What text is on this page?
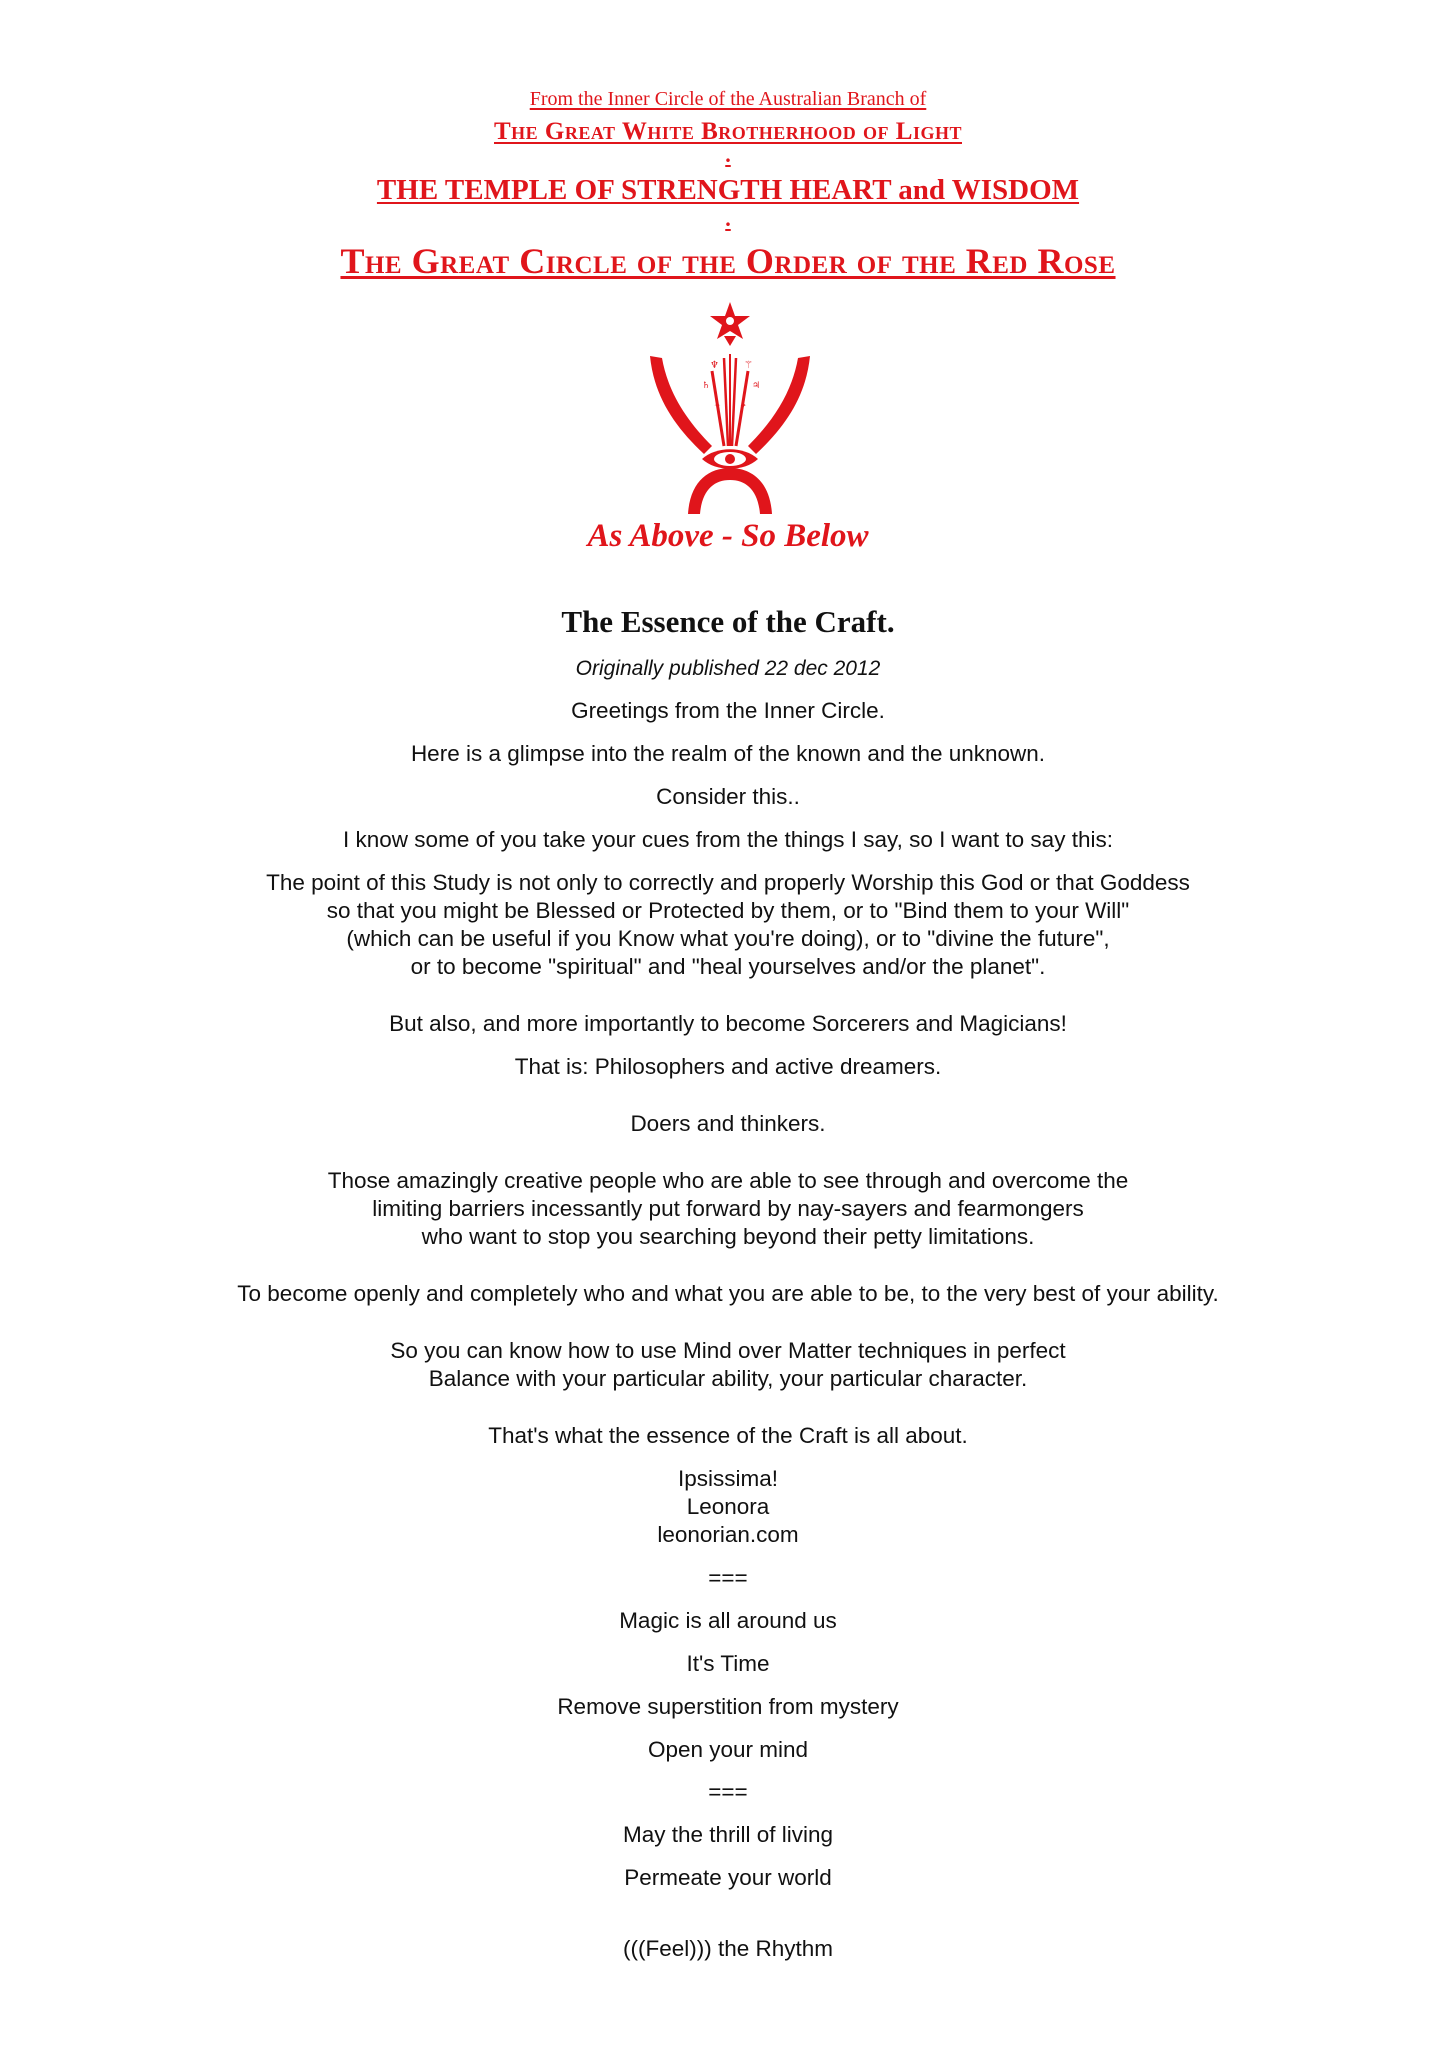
From the Inner Circle of the Australian Branch of
The Great White Brotherhood of Light
.
THE TEMPLE OF STRENGTH HEART and WISDOM
.
The Great Circle of the Order of the Red Rose
♆	⚚
♄	♃
✦ ✦
As Above - So Below
The Essence of the Craft.
Originally published 22 dec 2012
Greetings from the Inner Circle.
Here is a glimpse into the realm of the known and the unknown.
Consider this..
I know some of you take your cues from the things I say, so I want to say this:
The point of this Study is not only to correctly and properly Worship this God or that Goddess
so that you might be Blessed or Protected by them, or to "Bind them to your Will"
(which can be useful if you Know what you're doing), or to "divine the future",
or to become "spiritual" and "heal yourselves and/or the planet".
But also, and more importantly to become Sorcerers and Magicians!
That is: Philosophers and active dreamers.
Doers and thinkers.
Those amazingly creative people who are able to see through and overcome the
limiting barriers incessantly put forward by nay-sayers and fearmongers
who want to stop you searching beyond their petty limitations.
To become openly and completely who and what you are able to be, to the very best of your ability.
So you can know how to use Mind over Matter techniques in perfect
Balance with your particular ability, your particular character.
That's what the essence of the Craft is all about.
Ipsissima!
Leonora
leonorian.com
===
Magic is all around us
It's Time
Remove superstition from mystery
Open your mind
===
May the thrill of living
Permeate your world
(((Feel))) the Rhythm
